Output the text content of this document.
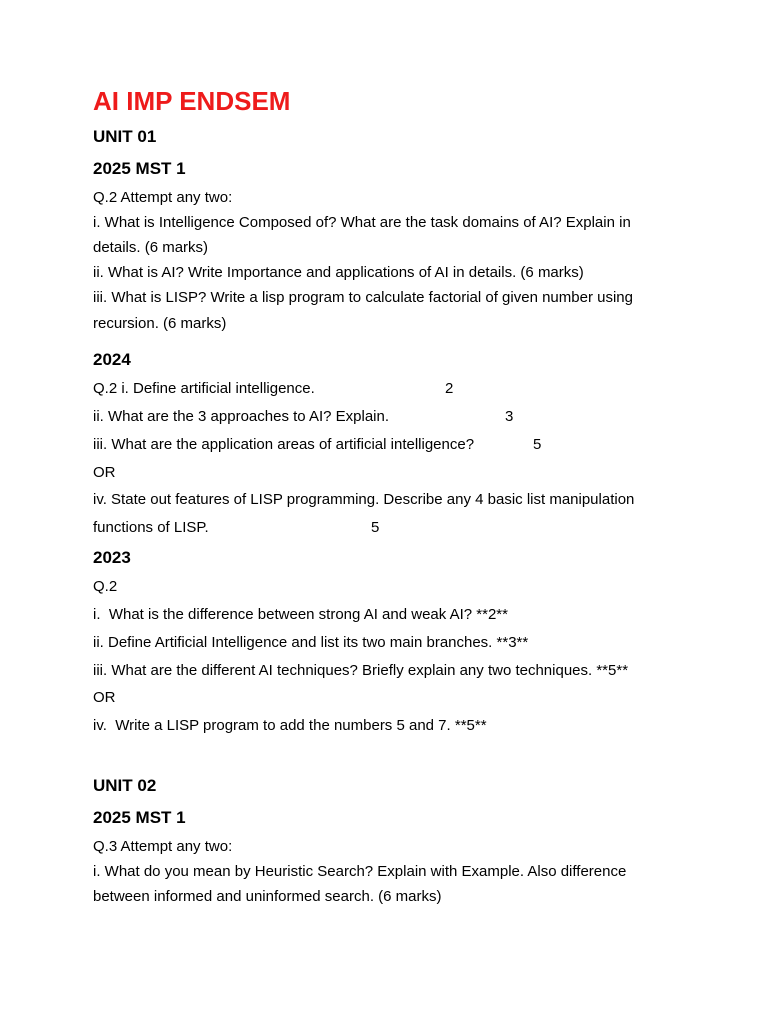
AI IMP ENDSEM
UNIT 01
2025 MST 1
Q.2 Attempt any two:
i. What is Intelligence Composed of? What are the task domains of AI? Explain in
details. (6 marks)
ii. What is AI? Write Importance and applications of AI in details. (6 marks)
iii. What is LISP? Write a lisp program to calculate factorial of given number using
recursion. (6 marks)
2024
Q.2 i. Define artificial intelligence.	2
ii. What are the 3 approaches to AI? Explain.	3
iii. What are the application areas of artificial intelligence?	5
OR
iv. State out features of LISP programming. Describe any 4 basic list manipulation
functions of LISP.	5
2023
Q.2
i.  What is the difference between strong AI and weak AI? **2**
ii. Define Artificial Intelligence and list its two main branches. **3**
iii. What are the different AI techniques? Briefly explain any two techniques. **5**
OR
iv.  Write a LISP program to add the numbers 5 and 7. **5**
UNIT 02
2025 MST 1
Q.3 Attempt any two:
i. What do you mean by Heuristic Search? Explain with Example. Also difference
between informed and uninformed search. (6 marks)
